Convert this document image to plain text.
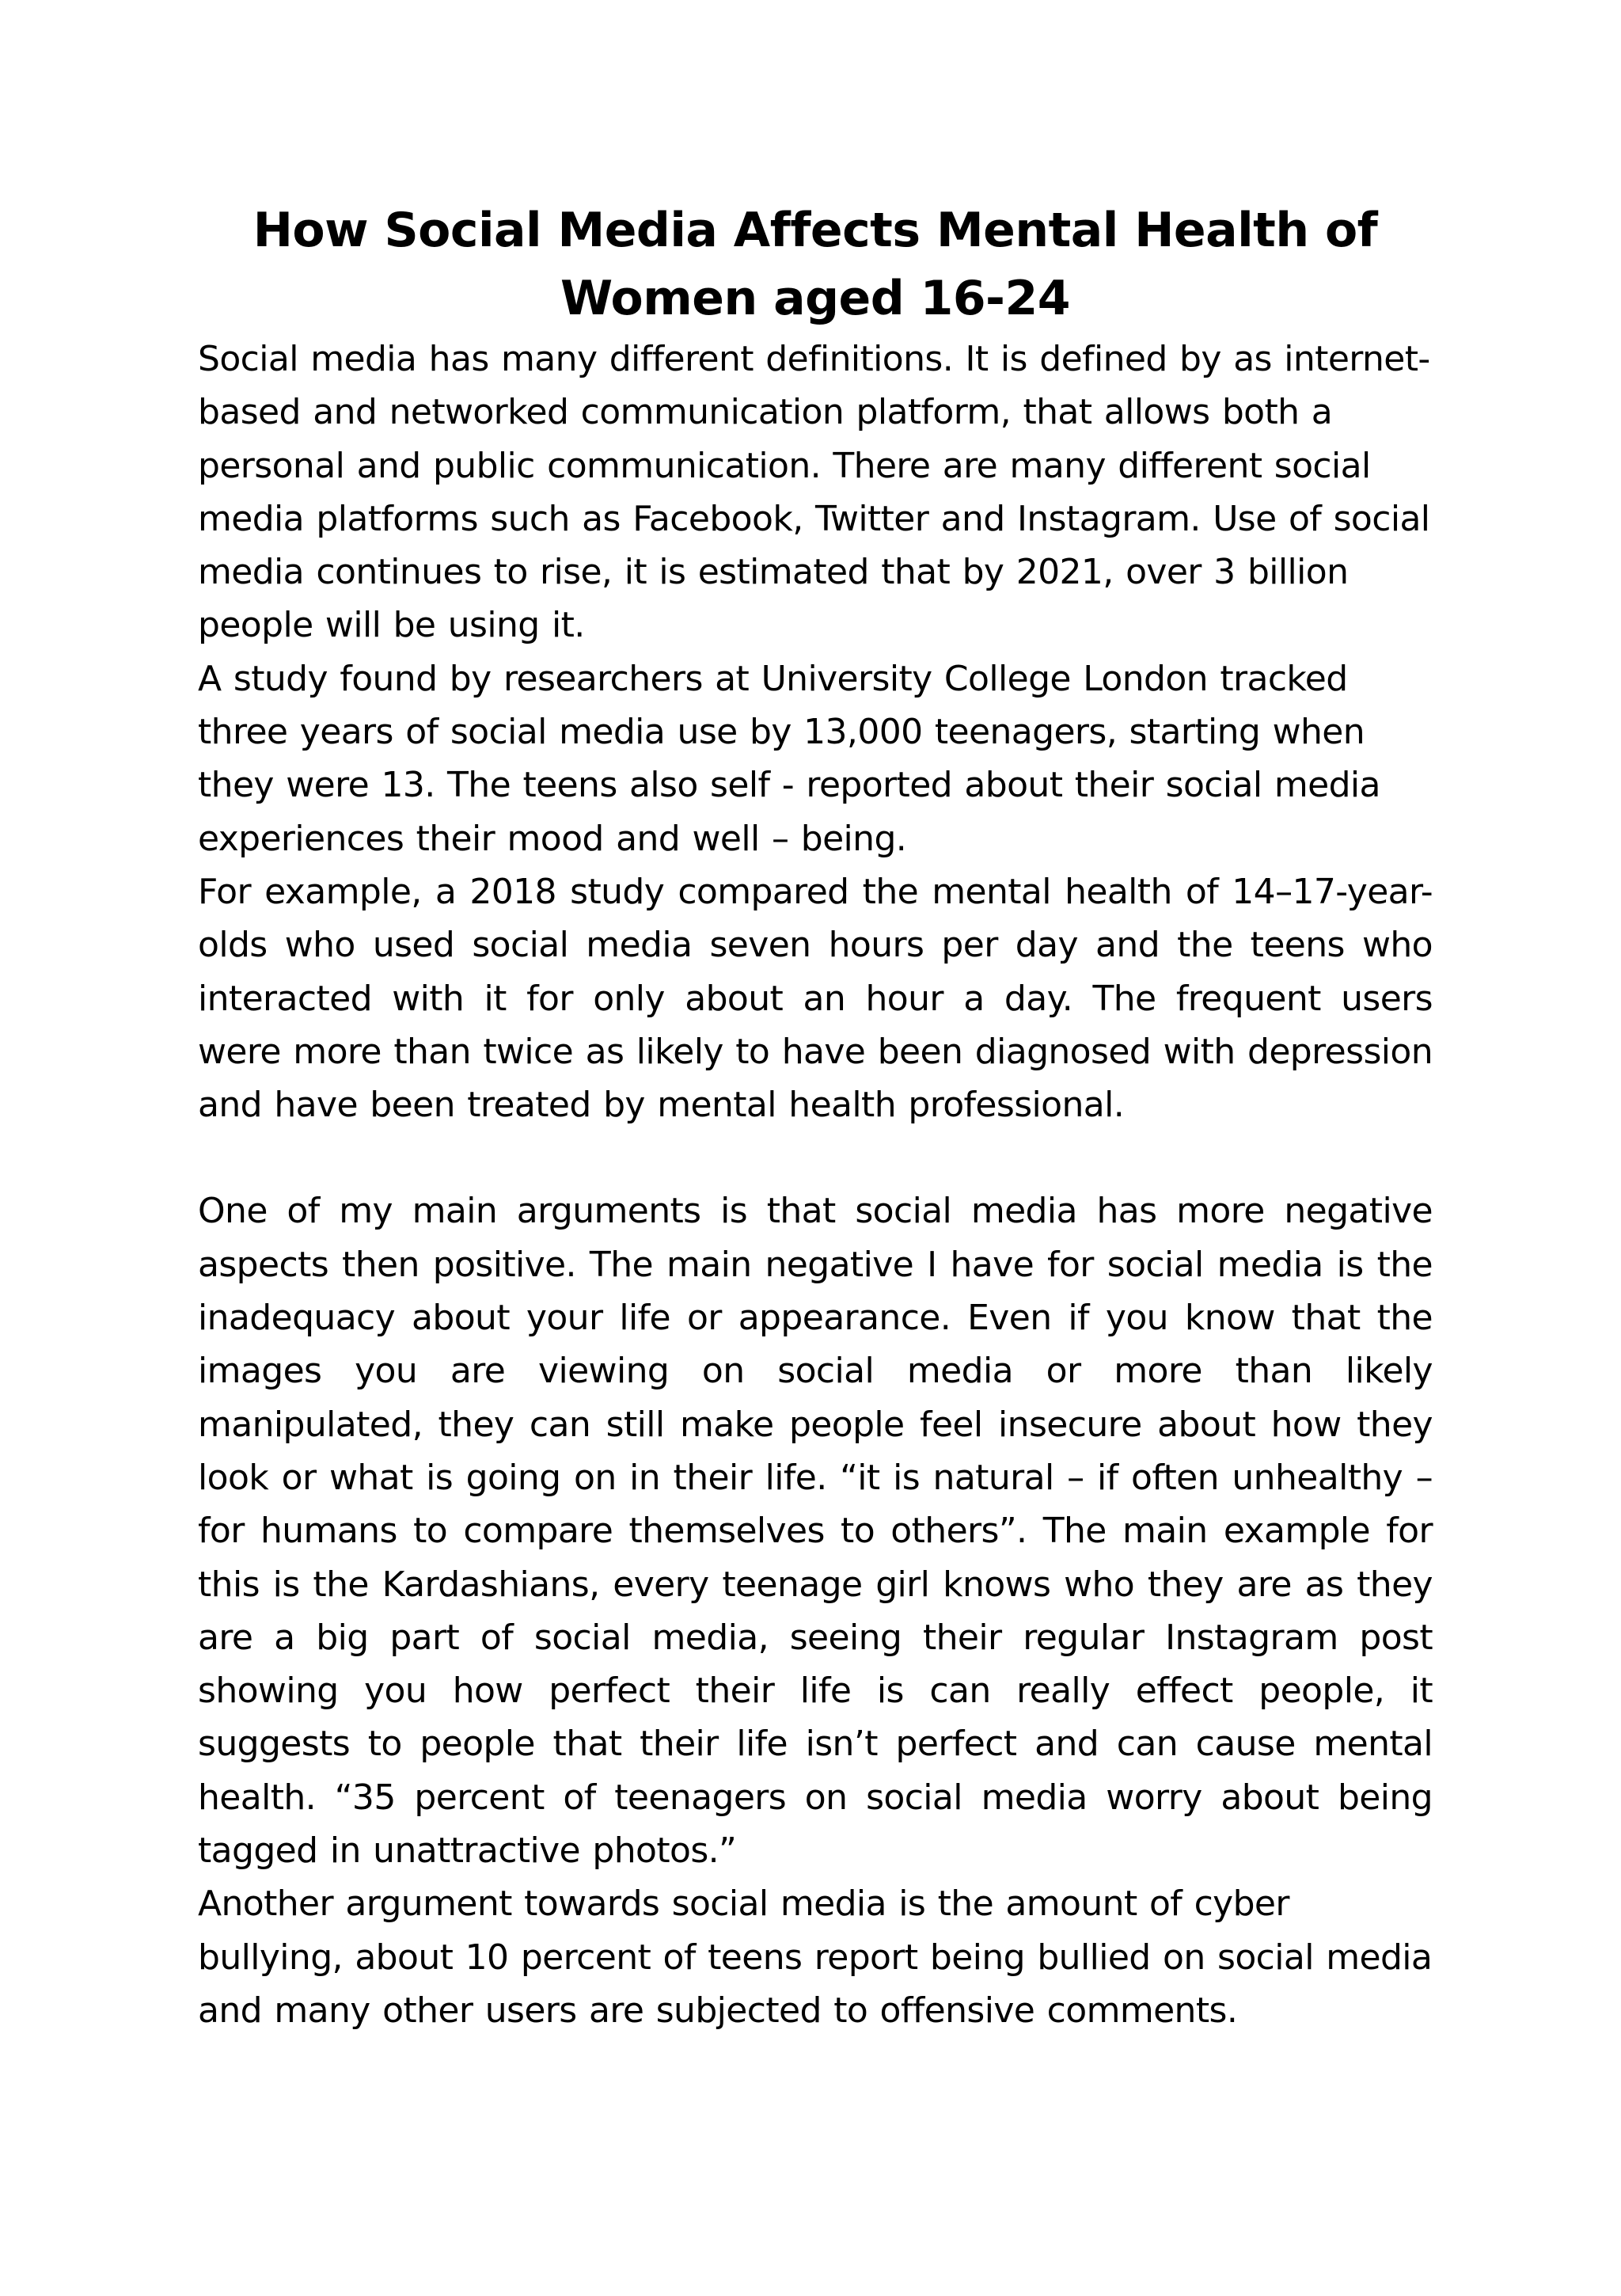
How Social Media Affects Mental Health of
Women aged 16-24

Social media has many different definitions. It is defined by as internet-based and networked communication platform, that allows both a personal and public communication. There are many different social media platforms such as Facebook, Twitter and Instagram. Use of social media continues to rise, it is estimated that by 2021, over 3 billion people will be using it.

A study found by researchers at University College London tracked three years of social media use by 13,000 teenagers, starting when they were 13. The teens also self - reported about their social media experiences their mood and well – being.

For example, a 2018 study compared the mental health of 14–17-year-olds who used social media seven hours per day and the teens who interacted with it for only about an hour a day. The frequent users were more than twice as likely to have been diagnosed with depression and have been treated by mental health professional.

One of my main arguments is that social media has more negative aspects then positive. The main negative I have for social media is the inadequacy about your life or appearance. Even if you know that the images you are viewing on social media or more than likely manipulated, they can still make people feel insecure about how they look or what is going on in their life. “it is natural – if often unhealthy – for humans to compare themselves to others”. The main example for this is the Kardashians, every teenage girl knows who they are as they are a big part of social media, seeing their regular Instagram post showing you how perfect their life is can really effect people, it suggests to people that their life isn’t perfect and can cause mental health. “35 percent of teenagers on social media worry about being tagged in unattractive photos.”

Another argument towards social media is the amount of cyber bullying, about 10 percent of teens report being bullied on social media and many other users are subjected to offensive comments.
